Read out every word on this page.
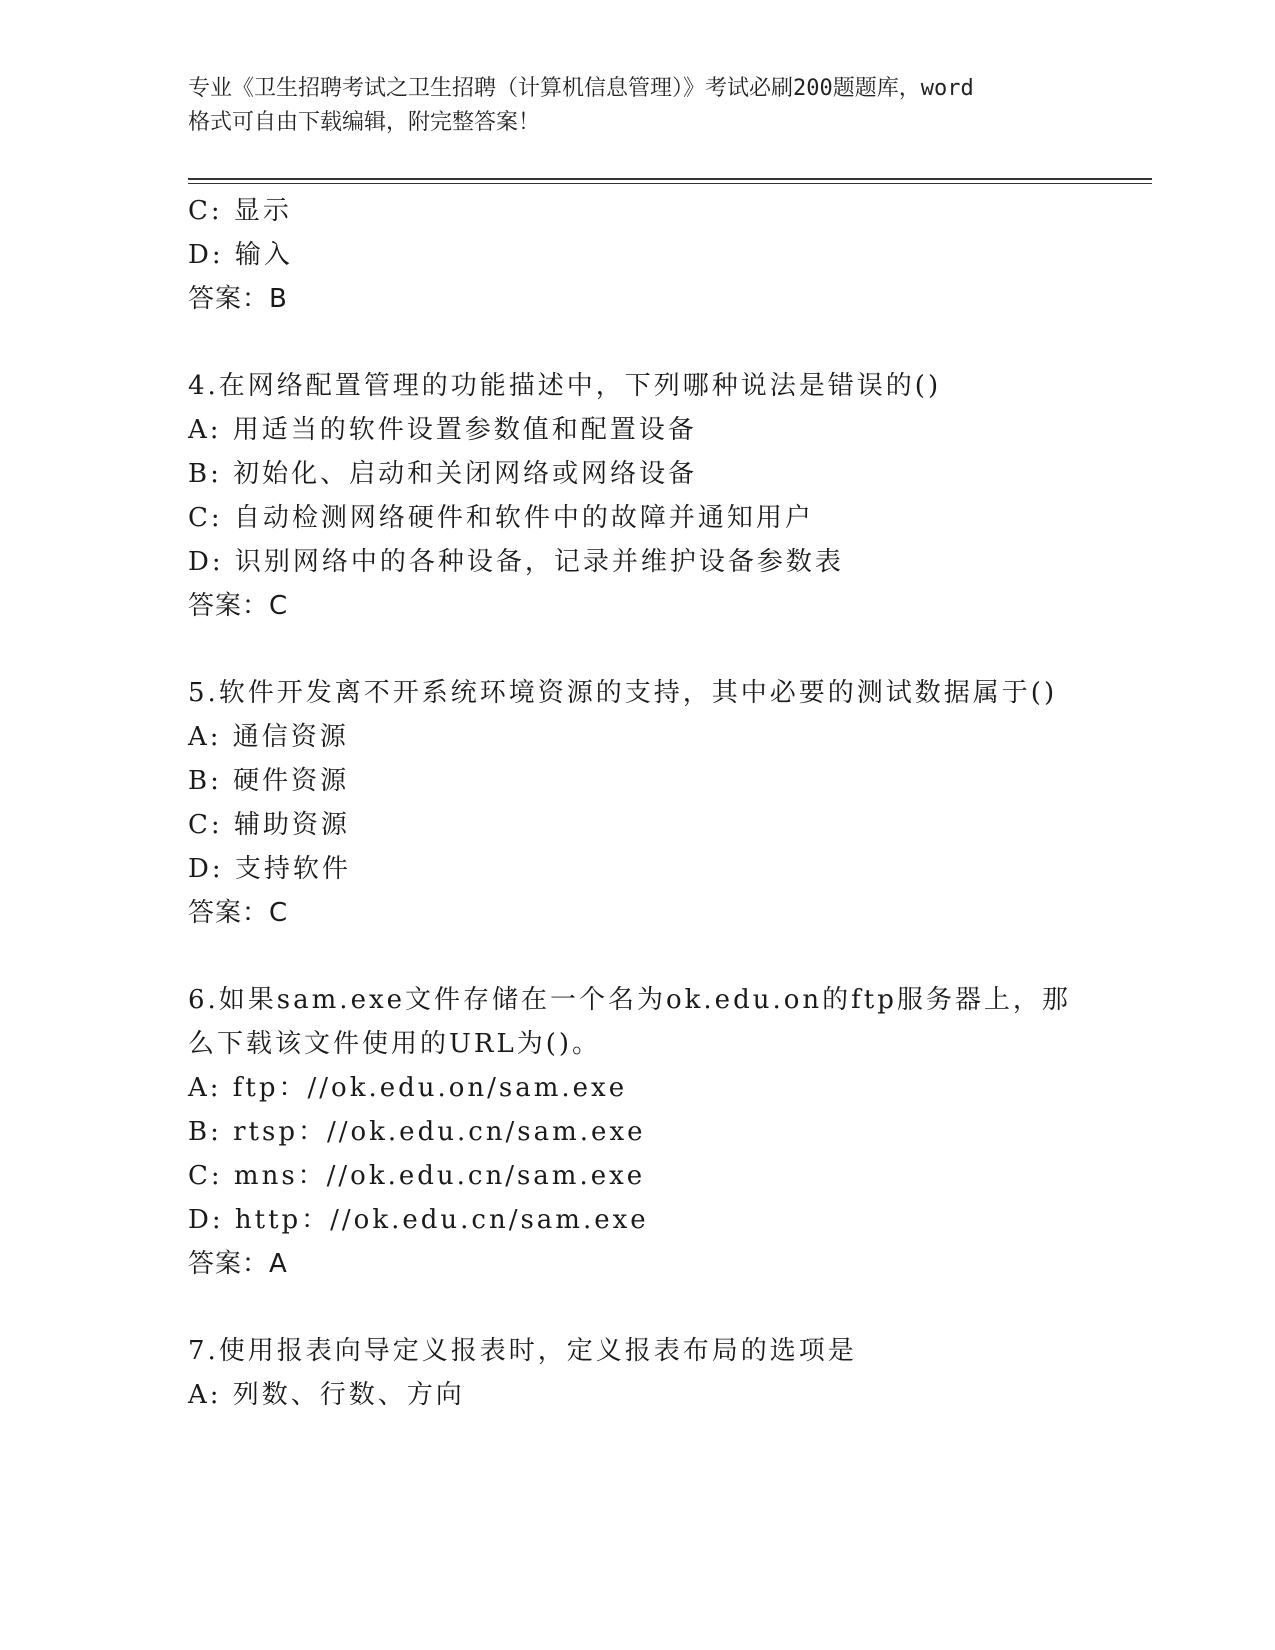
专业《卫生招聘考试之卫生招聘（计算机信息管理）》考试必刷200题题库，word
格式可自由下载编辑，附完整答案！
C: 显示
D: 输入
答案：B
4.在网络配置管理的功能描述中，下列哪种说法是错误的()
A: 用适当的软件设置参数值和配置设备
B: 初始化、启动和关闭网络或网络设备
C: 自动检测网络硬件和软件中的故障并通知用户
D: 识别网络中的各种设备，记录并维护设备参数表
答案：C
5.软件开发离不开系统环境资源的支持，其中必要的测试数据属于()
A: 通信资源
B: 硬件资源
C: 辅助资源
D: 支持软件
答案：C
6.如果sam.exe文件存储在一个名为ok.edu.on的ftp服务器上，那
么下载该文件使用的URL为()。
A: ftp：//ok.edu.on/sam.exe
B: rtsp：//ok.edu.cn/sam.exe
C: mns：//ok.edu.cn/sam.exe
D: http：//ok.edu.cn/sam.exe
答案：A
7.使用报表向导定义报表时，定义报表布局的选项是
A: 列数、行数、方向
